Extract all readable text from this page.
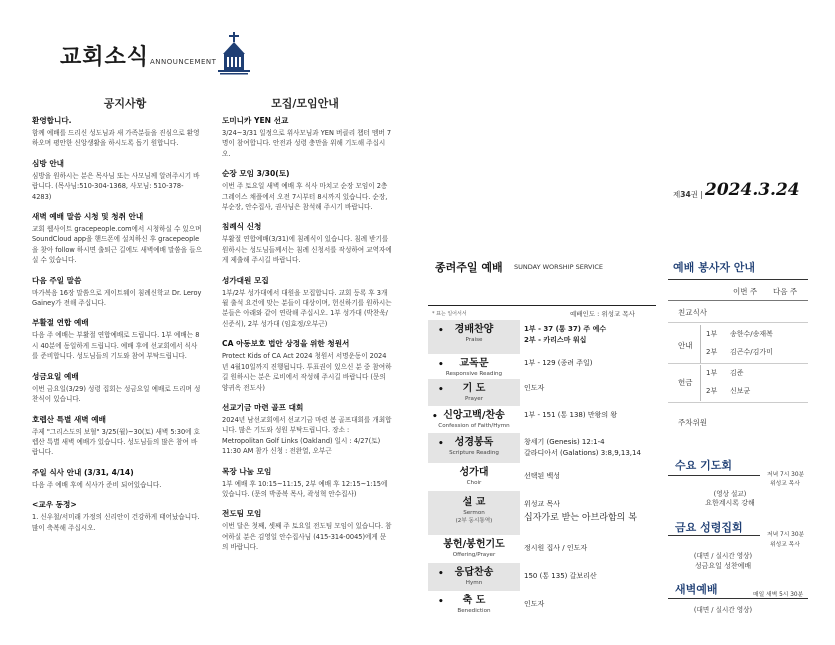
교회소식 ANNOUNCEMENT
공지사항
환영합니다.
함께 예배를 드리신 성도님과 새 가족분들을 진심으로 환영하오며 평안한 신앙생활을 하시도록 돕기 원합니다.
심방 안내
심방을 원하시는 분은 목사님 또는 사모님께 알려주시기 바랍니다. (목사님:510-304-1368, 사모님: 510-378-4283)
새벽 예배 말씀 시청 및 청취 안내
교회 웹사이트 gracepeople.com에서 시청하실 수 있으며 SoundCloud app을 핸드폰에 설치하신 후 gracepeople을 찾아 follow 하시면 출퇴근 길에도 새벽예배 말씀을 들으실 수 있습니다.
다음 주일 말씀
마가복음 16장 말씀으로 게이트웨이 침례신학교 Dr. Leroy Gainey가 전해 주십니다.
부활절 연합 예배
다음 주 예배는 부활절 연합예배로 드립니다. 1부 예배는 8시 40분에 동일하게 드립니다. 예배 후에 선교회에서 식사를 준비합니다. 성도님들의 기도와 참여 부탁드립니다.
성금요일 예배
이번 금요일(3/29) 성령 집회는 성금요일 예배로 드리며 성찬식이 있습니다.
호렙산 특별 새벽 예배
주제 "그리스도의 보혈" 3/25(월)~30(토) 새벽 5:30에 호렙산 특별 새벽 예배가 있습니다. 성도님들의 많은 참여 바랍니다.
주일 식사 안내 (3/31, 4/14)
다음 주 예배 후에 식사가 준비 되어있습니다.
<교우 동정>
1. 신우철/서미래 가정의 신리안이 건강하게 태어났습니다. 많이 축복해 주십시오.
모집/모임안내
도미니카 YEN 선교
3/24~3/31 일정으로 위사모님과 YEN 버클리 챕터 멤버 7명이 참여합니다. 안전과 성령 충만을 위해 기도해 주십시오.
순장 모임 3/30(토)
이번 주 토요일 새벽 예배 후 식사 마치고 순장 모임이 2층 그레이스 채플에서 오전 7시부터 8시까지 있습니다. 순장, 부순장, 안수집사, 권사님은 참석해 주시기 바랍니다.
침례식 신청
부활절 연합예배(3/31)에 침례식이 있습니다. 침례 받기를 원하시는 성도님들께서는 침례 신청서를 작성하여 교역자에게 제출해 주시길 바랍니다.
성가대원 모집
1부/2부 성가대에서 대원을 모집합니다. 교회 등록 후 3개월 출석 요건에 맞는 분들이 대상이며, 헌신하기를 원하시는 분들은 아래와 같이 연락해 주십시오. 1부 성가대 (박찬욱/신준식), 2부 성가대 (임효정/오부근)
CA 아동보호 법안 상정을 위한 청원서
Protect Kids of CA Act 2024 청원서 서명운동이 2024년 4월10일까지 진행됩니다. 투표권이 있으신 분 중 참여하길 원하시는 분은 로비에서 작성해 주시길 바랍니다 (문의 양귀옥 전도사)
선교기금 마련 골프 대회
2024년 남선교회에서 선교기금 마련 봄 골프대회를 개최합니다. 많은 기도와 성원 부탁드립니다. 장소 : Metropolitan Golf Links (Oakland) 일시 : 4/27(토) 11:30 AM 참가 신청 : 전완열, 오부근
목장 나눔 모임
1부 예배 후 10:15~11:15, 2부 예배 후 12:15~1:15에 있습니다. (문의 박종복 목사, 곽성혁 안수집사)
전도팀 모임
이번 달은 첫째, 셋째 주 토요일 전도팀 모임이 있습니다. 참여하실 분은 김영일 안수집사님 (415-314-0045)에게 문의 바랍니다.
제34권 | 2024.3.24
종려주일 예배 SUNDAY WORSHIP SERVICE
* 표는 일어서서	예배인도 : 위성교 목사
경배찬양
Praise
•	1부 - 37 (통 37) 주 예수
2부 - 카리스마 워십
교독문
Responsive Reading
•	1부 - 129 (종려 주일)
기 도
Prayer
•	인도자
신앙고백/찬송
Confession of Faith/Hymn
•	1부 - 151 (통 138) 만왕의 왕
성경봉독
Scripture Reading
•	창세기 (Genesis) 12:1-4
갈라디아서 (Galations) 3:8,9,13,14
성가대
Choir
선택된 백성
설 교
Sermon
(2부 동시통역)
위성교 목사
십자가로 받는 아브라함의 복
봉헌/봉헌기도
Offering/Prayer
정시원 집사 / 인도자
응답찬송
Hymn
•	150 (통 135) 갈보리산
축 도
Benediction
•	인도자
예배 봉사자 안내
이번 주 다음 주
친교식사
안내
1부 송한수/송재복
2부 김곤수/김가미
헌금
1부 김준
2부 신보균
주차위원
수요 기도회
저녁 7시 30분
위성교 목사
(영상 설교)
요한계시록 강해
금요 성령집회
저녁 7시 30분
위성교 목사
(대면 / 실시간 영상)
성금요일 성찬예배
새벽예배	매일 새벽 5시 30분
(대면 / 실시간 영상)
